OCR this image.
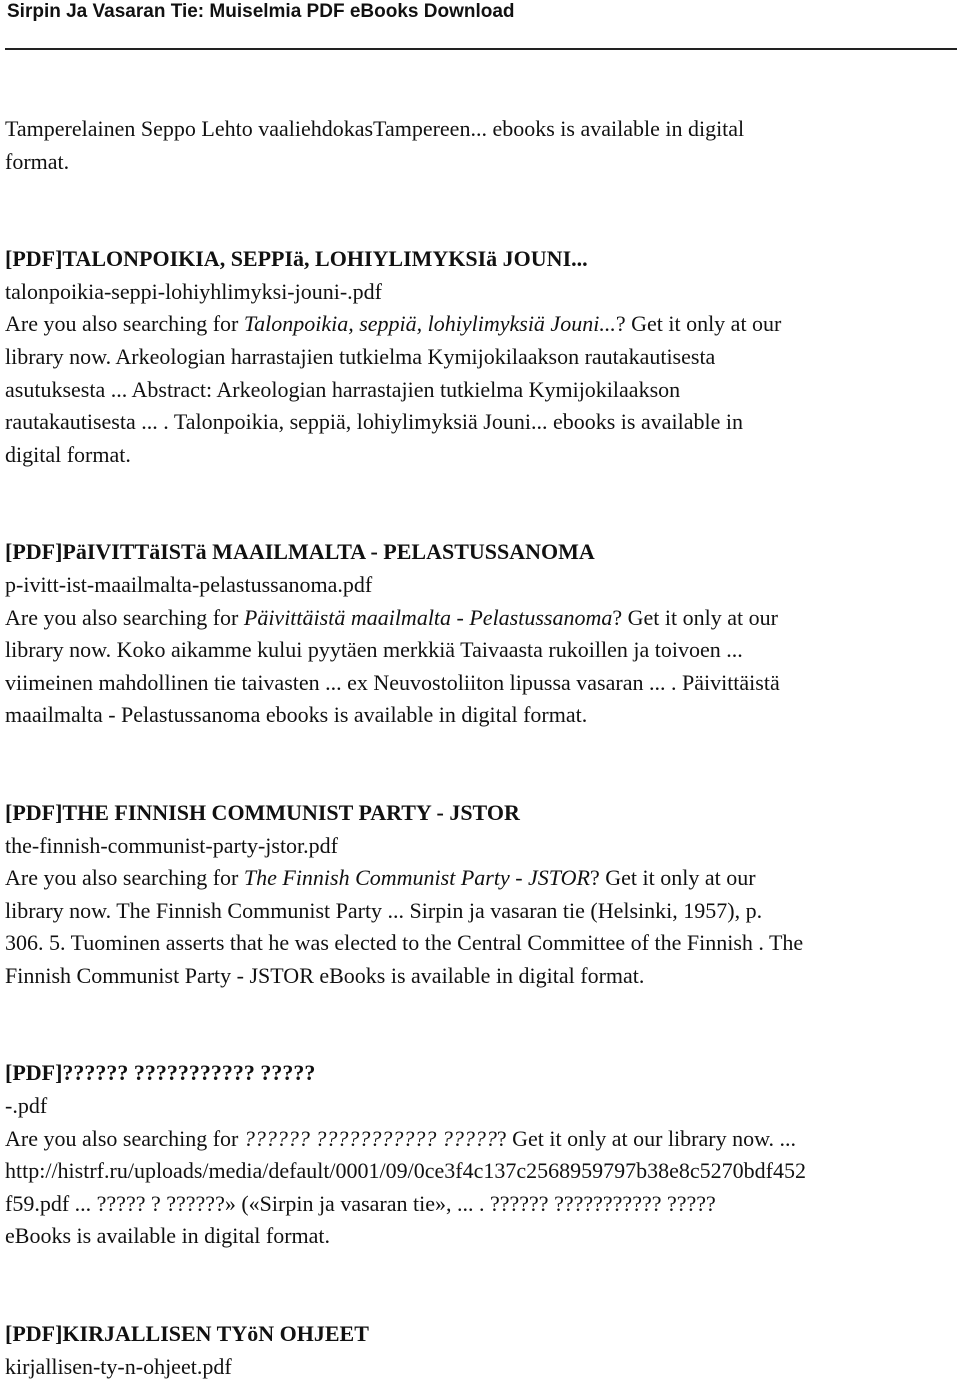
Sirpin Ja Vasaran Tie: Muiselmia PDF eBooks Download
Tamperelainen Seppo Lehto vaaliehdokasTampereen... ebooks is available in digital
format.
[PDF]TALONPOIKIA, SEPPIä, LOHIYLIMYKSIä JOUNI...
talonpoikia-seppi-lohiyhlimyksi-jouni-.pdf
Are you also searching for Talonpoikia, seppiä, lohiylimyksiä Jouni...? Get it only at our
library now. Arkeologian harrastajien tutkielma Kymijokilaakson rautakautisesta
asutuksesta ... Abstract: Arkeologian harrastajien tutkielma Kymijokilaakson
rautakautisesta ... . Talonpoikia, seppiä, lohiylimyksiä Jouni... ebooks is available in
digital format.
[PDF]PäIVITTäISTä MAAILMALTA - PELASTUSSANOMA
p-ivitt-ist-maailmalta-pelastussanoma.pdf
Are you also searching for Päivittäistä maailmalta - Pelastussanoma? Get it only at our
library now. Koko aikamme kului pyytäen merkkiä Taivaasta rukoillen ja toivoen ...
viimeinen mahdollinen tie taivasten ... ex Neuvostoliiton lipussa vasaran ... . Päivittäistä
maailmalta - Pelastussanoma ebooks is available in digital format.
[PDF]THE FINNISH COMMUNIST PARTY - JSTOR
the-finnish-communist-party-jstor.pdf
Are you also searching for The Finnish Communist Party - JSTOR? Get it only at our
library now. The Finnish Communist Party ... Sirpin ja vasaran tie (Helsinki, 1957), p.
306. 5. Tuominen asserts that he was elected to the Central Committee of the Finnish . The
Finnish Communist Party - JSTOR eBooks is available in digital format.
[PDF]?????? ??????????? ?????
-.pdf
Are you also searching for ?????? ??????????? ?????? Get it only at our library now. ...
http://histrf.ru/uploads/media/default/0001/09/0ce3f4c137c2568959797b38e8c5270bdf452
f59.pdf ... ????? ? ??????» («Sirpin ja vasaran tie», ... . ?????? ??????????? ?????
eBooks is available in digital format.
[PDF]KIRJALLISEN TYöN OHJEET
kirjallisen-ty-n-ohjeet.pdf
